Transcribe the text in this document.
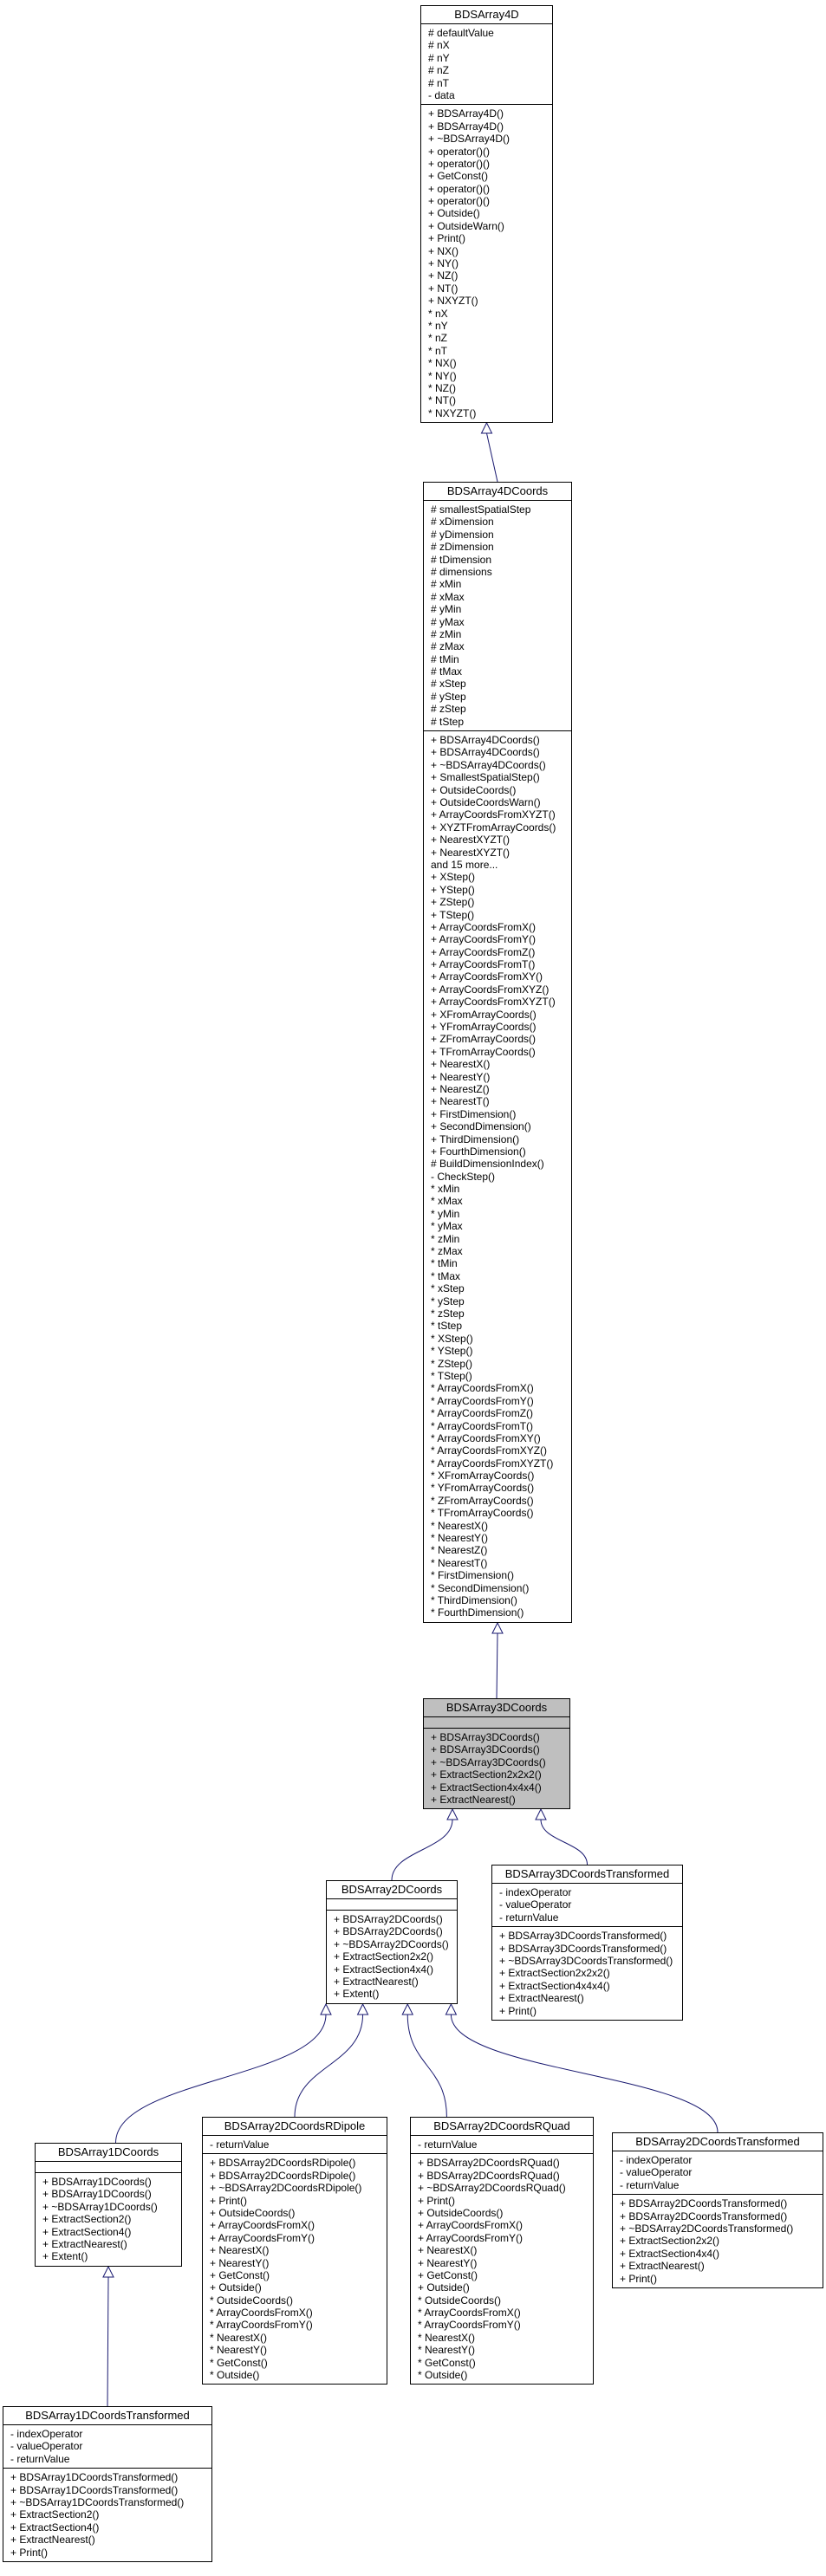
BDSArray4D
# defaultValue
# nX
# nY
# nZ
# nT
- data
+ BDSArray4D()
+ BDSArray4D()
+ ~BDSArray4D()
+ operator()()
+ operator()()
+ GetConst()
+ operator()()
+ operator()()
+ Outside()
+ OutsideWarn()
+ Print()
+ NX()
+ NY()
+ NZ()
+ NT()
+ NXYZT()
* nX
* nY
* nZ
* nT
* NX()
* NY()
* NZ()
* NT()
* NXYZT()
BDSArray4DCoords
# smallestSpatialStep
# xDimension
# yDimension
# zDimension
# tDimension
# dimensions
# xMin
# xMax
# yMin
# yMax
# zMin
# zMax
# tMin
# tMax
# xStep
# yStep
# zStep
# tStep
+ BDSArray4DCoords()
+ BDSArray4DCoords()
+ ~BDSArray4DCoords()
+ SmallestSpatialStep()
+ OutsideCoords()
+ OutsideCoordsWarn()
+ ArrayCoordsFromXYZT()
+ XYZTFromArrayCoords()
+ NearestXYZT()
+ NearestXYZT()
and 15 more...
+ XStep()
+ YStep()
+ ZStep()
+ TStep()
+ ArrayCoordsFromX()
+ ArrayCoordsFromY()
+ ArrayCoordsFromZ()
+ ArrayCoordsFromT()
+ ArrayCoordsFromXY()
+ ArrayCoordsFromXYZ()
+ ArrayCoordsFromXYZT()
+ XFromArrayCoords()
+ YFromArrayCoords()
+ ZFromArrayCoords()
+ TFromArrayCoords()
+ NearestX()
+ NearestY()
+ NearestZ()
+ NearestT()
+ FirstDimension()
+ SecondDimension()
+ ThirdDimension()
+ FourthDimension()
# BuildDimensionIndex()
- CheckStep()
* xMin
* xMax
* yMin
* yMax
* zMin
* zMax
* tMin
* tMax
* xStep
* yStep
* zStep
* tStep
* XStep()
* YStep()
* ZStep()
* TStep()
* ArrayCoordsFromX()
* ArrayCoordsFromY()
* ArrayCoordsFromZ()
* ArrayCoordsFromT()
* ArrayCoordsFromXY()
* ArrayCoordsFromXYZ()
* ArrayCoordsFromXYZT()
* XFromArrayCoords()
* YFromArrayCoords()
* ZFromArrayCoords()
* TFromArrayCoords()
* NearestX()
* NearestY()
* NearestZ()
* NearestT()
* FirstDimension()
* SecondDimension()
* ThirdDimension()
* FourthDimension()
BDSArray3DCoords
+ BDSArray3DCoords()
+ BDSArray3DCoords()
+ ~BDSArray3DCoords()
+ ExtractSection2x2x2()
+ ExtractSection4x4x4()
+ ExtractNearest()
BDSArray2DCoords
+ BDSArray2DCoords()
+ BDSArray2DCoords()
+ ~BDSArray2DCoords()
+ ExtractSection2x2()
+ ExtractSection4x4()
+ ExtractNearest()
+ Extent()
BDSArray3DCoordsTransformed
- indexOperator
- valueOperator
- returnValue
+ BDSArray3DCoordsTransformed()
+ BDSArray3DCoordsTransformed()
+ ~BDSArray3DCoordsTransformed()
+ ExtractSection2x2x2()
+ ExtractSection4x4x4()
+ ExtractNearest()
+ Print()
BDSArray1DCoords
+ BDSArray1DCoords()
+ BDSArray1DCoords()
+ ~BDSArray1DCoords()
+ ExtractSection2()
+ ExtractSection4()
+ ExtractNearest()
+ Extent()
BDSArray2DCoordsRDipole
- returnValue
+ BDSArray2DCoordsRDipole()
+ BDSArray2DCoordsRDipole()
+ ~BDSArray2DCoordsRDipole()
+ Print()
+ OutsideCoords()
+ ArrayCoordsFromX()
+ ArrayCoordsFromY()
+ NearestX()
+ NearestY()
+ GetConst()
+ Outside()
* OutsideCoords()
* ArrayCoordsFromX()
* ArrayCoordsFromY()
* NearestX()
* NearestY()
* GetConst()
* Outside()
BDSArray2DCoordsRQuad
- returnValue
+ BDSArray2DCoordsRQuad()
+ BDSArray2DCoordsRQuad()
+ ~BDSArray2DCoordsRQuad()
+ Print()
+ OutsideCoords()
+ ArrayCoordsFromX()
+ ArrayCoordsFromY()
+ NearestX()
+ NearestY()
+ GetConst()
+ Outside()
* OutsideCoords()
* ArrayCoordsFromX()
* ArrayCoordsFromY()
* NearestX()
* NearestY()
* GetConst()
* Outside()
BDSArray2DCoordsTransformed
- indexOperator
- valueOperator
- returnValue
+ BDSArray2DCoordsTransformed()
+ BDSArray2DCoordsTransformed()
+ ~BDSArray2DCoordsTransformed()
+ ExtractSection2x2()
+ ExtractSection4x4()
+ ExtractNearest()
+ Print()
BDSArray1DCoordsTransformed
- indexOperator
- valueOperator
- returnValue
+ BDSArray1DCoordsTransformed()
+ BDSArray1DCoordsTransformed()
+ ~BDSArray1DCoordsTransformed()
+ ExtractSection2()
+ ExtractSection4()
+ ExtractNearest()
+ Print()
